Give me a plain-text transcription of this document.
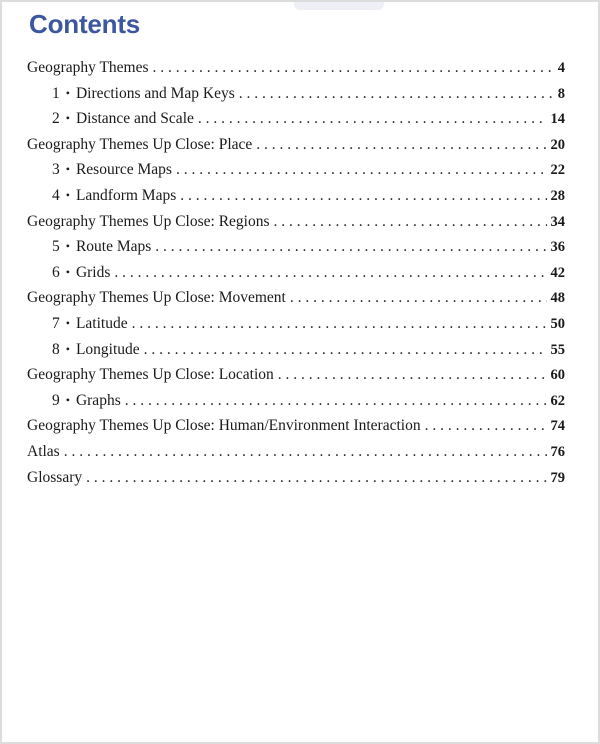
Contents
Geography Themes . . .	4
1 • Directions and Map Keys . . .	8
2 • Distance and Scale . . .	14
Geography Themes Up Close: Place . . .	20
3 • Resource Maps . . .	22
4 • Landform Maps . . .	28
Geography Themes Up Close: Regions . . .	34
5 • Route Maps . . .	36
6 • Grids . . .	42
Geography Themes Up Close: Movement . . .	48
7 • Latitude . . .	50
8 • Longitude . . .	55
Geography Themes Up Close: Location . . .	60
9 • Graphs . . .	62
Geography Themes Up Close: Human/Environment Interaction . . .	74
Atlas . . .	76
Glossary . . .	79
